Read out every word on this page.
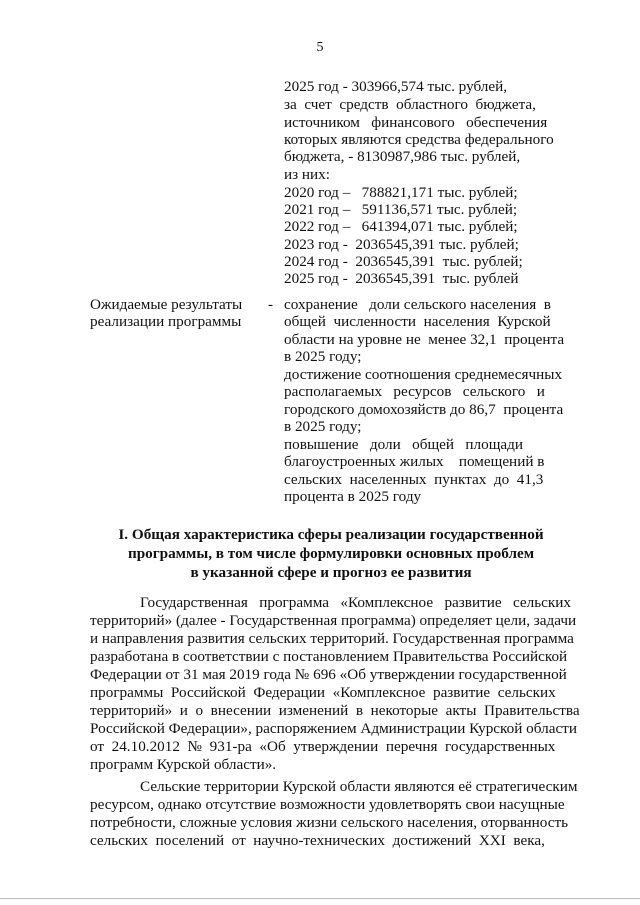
5
2025 год - 303966,574 тыс. рублей,
за  счет  средств  областного  бюджета,
источником   финансового   обеспечения
которых являются средства федерального
бюджета, - 8130987,986 тыс. рублей,
из них:
2020 год –   788821,171 тыс. рублей;
2021 год –   591136,571 тыс. рублей;
2022 год –   641394,071 тыс. рублей;
2023 год -  2036545,391 тыс. рублей;
2024 год -  2036545,391  тыс. рублей;
2025 год -  2036545,391  тыс. рублей
Ожидаемые результаты
реализации программы
- сохранение   доли сельского населения  в
общей  численности  населения  Курской
области на уровне не  менее 32,1  процента
в 2025 году;
достижение соотношения среднемесячных
располагаемых   ресурсов   сельского   и
городского домохозяйств до 86,7  процента
в 2025 году;
повышение   доли   общей   площади
благоустроенных жилых    помещений в
сельских  населенных  пунктах  до  41,3
процента в 2025 году
I. Общая характеристика сферы реализации государственной
программы, в том числе формулировки основных проблем
в указанной сфере и прогноз ее развития
Государственная   программа   «Комплексное   развитие   сельских
территорий» (далее - Государственная программа) определяет цели, задачи
и направления развития сельских территорий. Государственная программа
разработана в соответствии с постановлением Правительства Российской
Федерации от 31 мая 2019 года № 696 «Об утверждении государственной
программы  Российской  Федерации  «Комплексное  развитие  сельских
территорий»  и  о  внесении  изменений  в  некоторые  акты  Правительства
Российской Федерации», распоряжением Администрации Курской области
от  24.10.2012  №  931-ра  «Об  утверждении  перечня  государственных
программ Курской области».
Сельские территории Курской области являются её стратегическим
ресурсом, однако отсутствие возможности удовлетворять свои насущные
потребности, сложные условия жизни сельского населения, оторванность
сельских  поселений  от  научно-технических  достижений  XXI  века,
